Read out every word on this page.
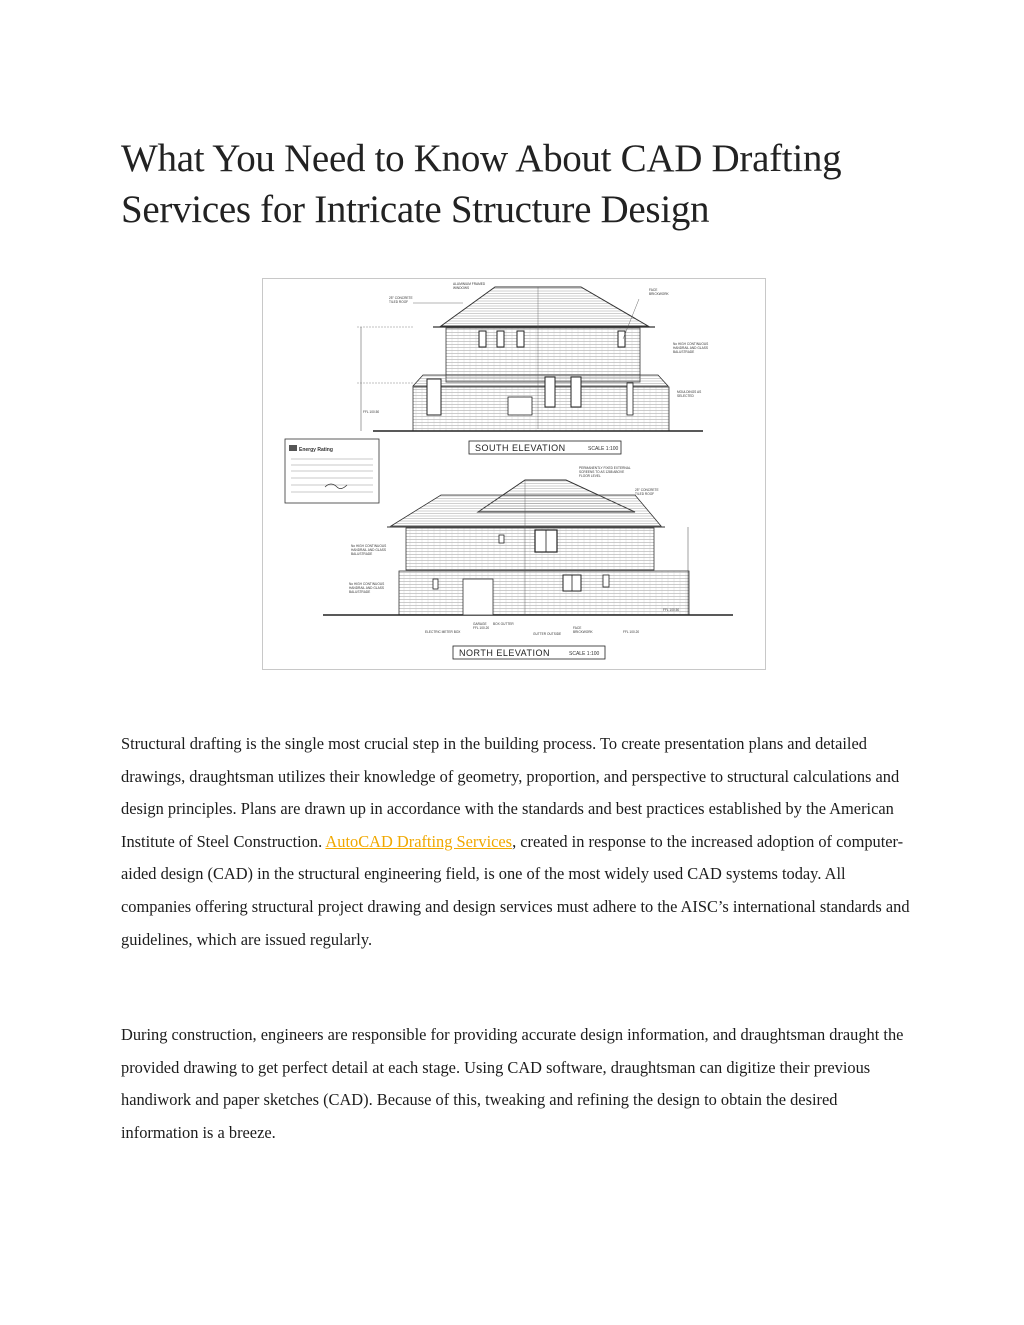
What You Need to Know About CAD Drafting Services for Intricate Structure Design
25° CONCRETE
TILED ROOF
ALUMINIUM FRAMED
WINDOWS	FACE
BRICKWORK
No HIGH CONTINUOUS
HANDRAIL AND GLASS
BALUSTRADE
MOULDINGS AS
SELECTED
FFL 100.50
SOUTH ELEVATION	SCALE 1:100
Energy Rating
PERMANENTLY FIXED EXTERNAL
SCREENS TO AS 1288 ABOVE
FLOOR LEVEL
25° CONCRETE
TILED ROOF
No HIGH CONTINUOUS
HANDRAIL AND GLASS
BALUSTRADE
No HIGH CONTINUOUS
HANDRAIL AND GLASS
BALUSTRADE
FFL 100.50
ELECTRIC METER BOX
GARAGE
FFL 100.20
BOX GUTTER
GUTTER OUTSIDE
FACE
BRICKWORK	FFL 100.20
NORTH ELEVATION	SCALE 1:100

Structural drafting is the single most crucial step in the building process. To create presentation plans and detailed drawings, draughtsman utilizes their knowledge of geometry, proportion, and perspective to structural calculations and design principles. Plans are drawn up in accordance with the standards and best practices established by the American Institute of Steel Construction. AutoCAD Drafting Services, created in response to the increased adoption of computer-aided design (CAD) in the structural engineering field, is one of the most widely used CAD systems today. All companies offering structural project drawing and design services must adhere to the AISC’s international standards and guidelines, which are issued regularly.

During construction, engineers are responsible for providing accurate design information, and draughtsman draught the provided drawing to get perfect detail at each stage. Using CAD software, draughtsman can digitize their previous handiwork and paper sketches (CAD). Because of this, tweaking and refining the design to obtain the desired information is a breeze.
